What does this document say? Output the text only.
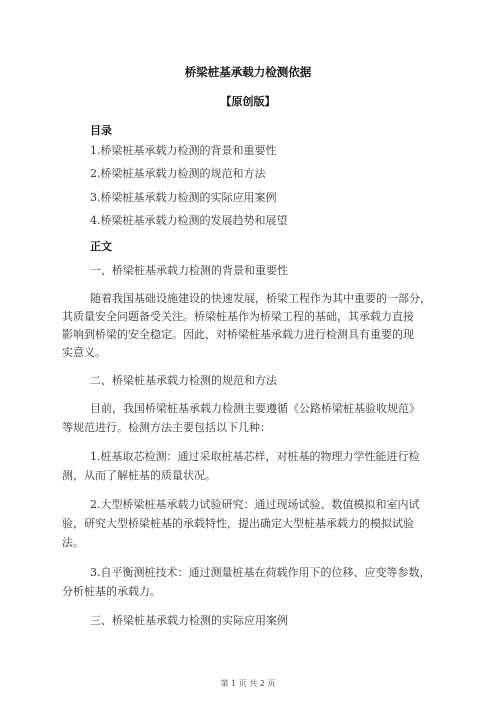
桥梁桩基承载力检测依据
【原创版】
目录
1.桥梁桩基承载力检测的背景和重要性
2.桥梁桩基承载力检测的规范和方法
3.桥梁桩基承载力检测的实际应用案例
4.桥梁桩基承载力检测的发展趋势和展望
正文
一、桥梁桩基承载力检测的背景和重要性
随着我国基础设施建设的快速发展，桥梁工程作为其中重要的一部分，
其质量安全问题备受关注。桥梁桩基作为桥梁工程的基础，其承载力直接
影响到桥梁的安全稳定。因此，对桥梁桩基承载力进行检测具有重要的现
实意义。
二、桥梁桩基承载力检测的规范和方法
目前，我国桥梁桩基承载力检测主要遵循《公路桥梁桩基验收规范》
等规范进行。检测方法主要包括以下几种：
1.桩基取芯检测：通过采取桩基芯样，对桩基的物理力学性能进行检
测，从而了解桩基的质量状况。
2.大型桥梁桩基承载力试验研究：通过现场试验、数值模拟和室内试
验，研究大型桥梁桩基的承载特性，提出确定大型桩基承载力的模拟试验
法。
3.自平衡测桩技术：通过测量桩基在荷载作用下的位移、应变等参数，
分析桩基的承载力。
三、桥梁桩基承载力检测的实际应用案例
第 1 页 共 2 页
